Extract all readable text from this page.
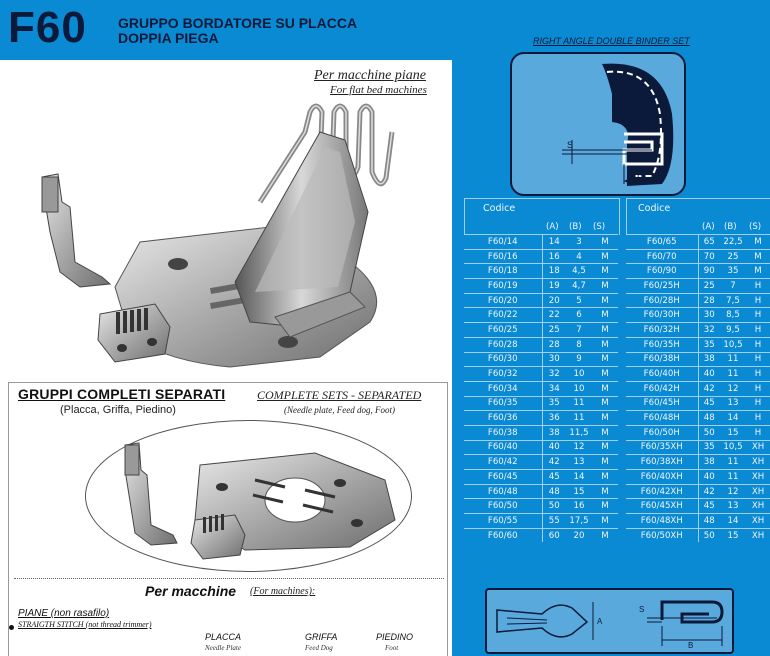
F60 GRUPPO BORDATORE SU PLACCA
DOPPIA PIEGA	RIGHT ANGLE DOUBLE BINDER SET
Per macchine piane
For flat bed machines
GRUPPI COMPLETI SEPARATI	COMPLETE SETS - SEPARATED
(Placca, Griffa, Piedino)	(Needle plate, Feed dog, Foot)
Per macchine (For machines):
PIANE (non rasafilo)
STRAIGTH STITCH (not thread trimmer)
PLACCA	GRIFFA	PIEDINO
Needle Plate	Feed Dog	Foot
S
B
Codice	Codice
(A) (B) (S)	(A) (B) (S)
F60/14	14	3	M
F60/16	16	4	M
F60/18	18	4,5	M
F60/19	19	4,7	M
F60/20	20	5	M
F60/22	22	6	M
F60/25	25	7	M
F60/28	28	8	M
F60/30	30	9	M
F60/32	32	10	M
F60/34	34	10	M
F60/35	35	11	M
F60/36	36	11	M
F60/38	38	11,5	M
F60/40	40	12	M
F60/42	42	13	M
F60/45	45	14	M
F60/48	48	15	M
F60/50	50	16	M
F60/55	55	17,5	M
F60/60	60	20	M
F60/65	65	22,5	M
F60/70	70	25	M
F60/90	90	35	M
F60/25H	25	7	H
F60/28H	28	7,5	H
F60/30H	30	8,5	H
F60/32H	32	9,5	H
F60/35H	35	10,5	H
F60/38H	38	11	H
F60/40H	40	11	H
F60/42H	42	12	H
F60/45H	45	13	H
F60/48H	48	14	H
F60/50H	50	15	H
F60/35XH	35	10,5	XH
F60/38XH	38	11	XH
F60/40XH	40	11	XH
F60/42XH	42	12	XH
F60/45XH	45	13	XH
F60/48XH	48	14	XH
F60/50XH	50	15	XH
A
S
B
